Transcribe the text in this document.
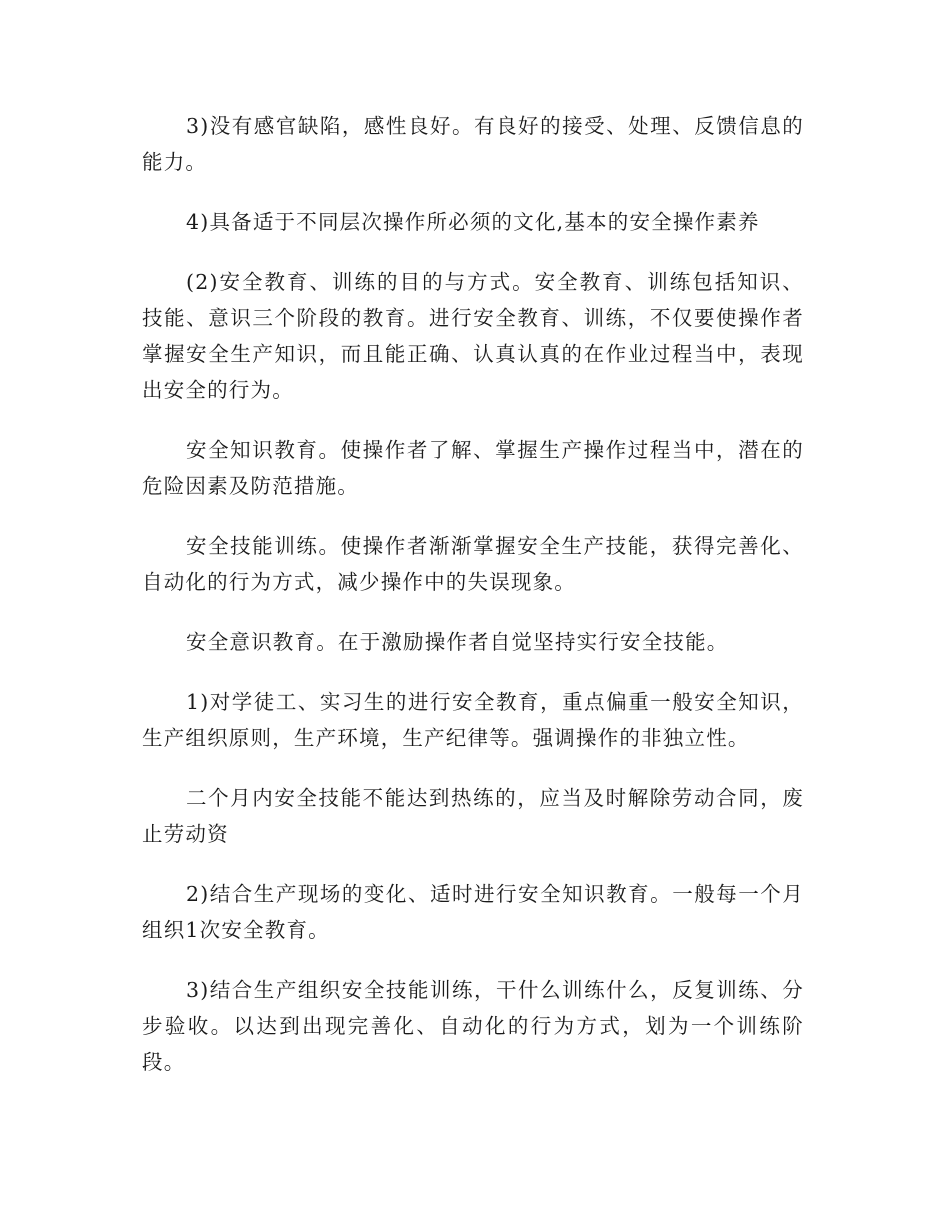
3)没有感官缺陷，感性良好。有良好的接受、处理、反馈信息的能力。

4)具备适于不同层次操作所必须的文化,基本的安全操作素养

(2)安全教育、训练的目的与方式。安全教育、训练包括知识、技能、意识三个阶段的教育。进行安全教育、训练，不仅要使操作者掌握安全生产知识，而且能正确、认真认真的在作业过程当中，表现出安全的行为。

安全知识教育。使操作者了解、掌握生产操作过程当中，潜在的危险因素及防范措施。

安全技能训练。使操作者渐渐掌握安全生产技能，获得完善化、自动化的行为方式，减少操作中的失误现象。

安全意识教育。在于激励操作者自觉坚持实行安全技能。

1)对学徒工、实习生的进行安全教育，重点偏重一般安全知识，生产组织原则，生产环境，生产纪律等。强调操作的非独立性。

二个月内安全技能不能达到热练的，应当及时解除劳动合同，废止劳动资

2)结合生产现场的变化、适时进行安全知识教育。一般每一个月组织1次安全教育。

3)结合生产组织安全技能训练，干什么训练什么，反复训练、分步验收。以达到出现完善化、自动化的行为方式，划为一个训练阶段。
